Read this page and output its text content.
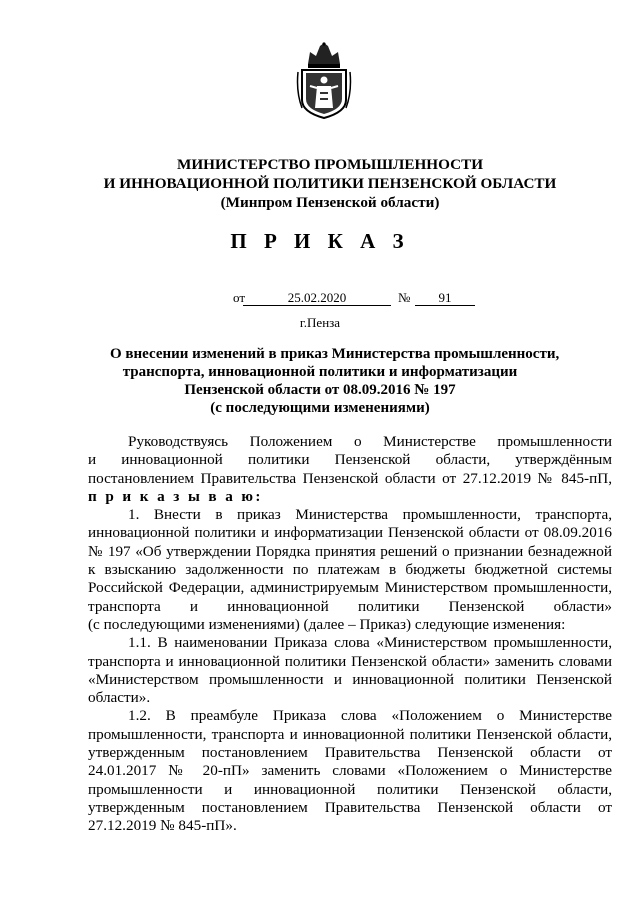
МИНИСТЕРСТВО ПРОМЫШЛЕННОСТИ
И ИННОВАЦИОННОЙ ПОЛИТИКИ ПЕНЗЕНСКОЙ ОБЛАСТИ
(Минпром Пензенской области)
П Р И К А З
от	25.02.2020	№	91
г.Пенза
О внесении изменений в приказ Министерства промышленности,
транспорта, инновационной политики и информатизации
Пензенской области от 08.09.2016 № 197
(с последующими изменениями)
Руководствуясь Положением о Министерстве промышленности
и инновационной политики Пензенской области, утверждённым
постановлением Правительства Пензенской области от 27.12.2019 № 845-пП,
п р и к а з ы в а ю:
1. Внести в приказ Министерства промышленности, транспорта,
инновационной политики и информатизации Пензенской области от 08.09.2016
№ 197 «Об утверждении Порядка принятия решений о признании безнадежной
к взысканию задолженности по платежам в бюджеты бюджетной системы
Российской Федерации, администрируемым Министерством промышленности,
транспорта и инновационной политики Пензенской области»
(с последующими изменениями) (далее – Приказ) следующие изменения:
1.1. В наименовании Приказа слова «Министерством промышленности,
транспорта и инновационной политики Пензенской области» заменить словами
«Министерством промышленности и инновационной политики Пензенской
области».
1.2. В преамбуле Приказа слова «Положением о Министерстве
промышленности, транспорта и инновационной политики Пензенской области,
утвержденным постановлением Правительства Пензенской области от
24.01.2017 № 20-пП» заменить словами «Положением о Министерстве
промышленности и инновационной политики Пензенской области,
утвержденным постановлением Правительства Пензенской области от
27.12.2019 № 845-пП».
